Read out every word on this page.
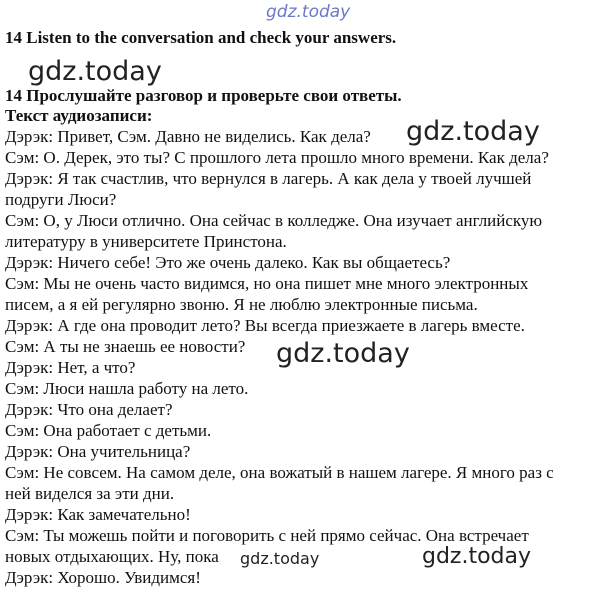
14 Listen to the conversation and check your answers.
14 Прослушайте разговор и проверьте свои ответы.
Текст аудиозаписи:
Дэрэк: Привет, Сэм. Давно не виделись. Как дела?
Сэм: О. Дерек, это ты? С прошлого лета прошло много времени. Как дела?
Дэрэк: Я так счастлив, что вернулся в лагерь. А как дела у твоей лучшей
подруги Люси?
Сэм: О, у Люси отлично. Она сейчас в колледже. Она изучает английскую
литературу в университете Принстона.
Дэрэк: Ничего себе! Это же очень далеко. Как вы общаетесь?
Сэм: Мы не очень часто видимся, но она пишет мне много электронных
писем, а я ей регулярно звоню. Я не люблю электронные письма.
Дэрэк: А где она проводит лето? Вы всегда приезжаете в лагерь вместе.
Сэм: А ты не знаешь ее новости?
Дэрэк: Нет, а что?
Сэм: Люси нашла работу на лето.
Дэрэк: Что она делает?
Сэм: Она работает с детьми.
Дэрэк: Она учительница?
Сэм: Не совсем. На самом деле, она вожатый в нашем лагере. Я много раз с
ней виделся за эти дни.
Дэрэк: Как замечательно!
Сэм: Ты можешь пойти и поговорить с ней прямо сейчас. Она встречает
новых отдыхающих. Ну, пока
Дэрэк: Хорошо. Увидимся!
gdz.today
gdz.today
gdz.today
gdz.today
gdz.today	gdz.today
